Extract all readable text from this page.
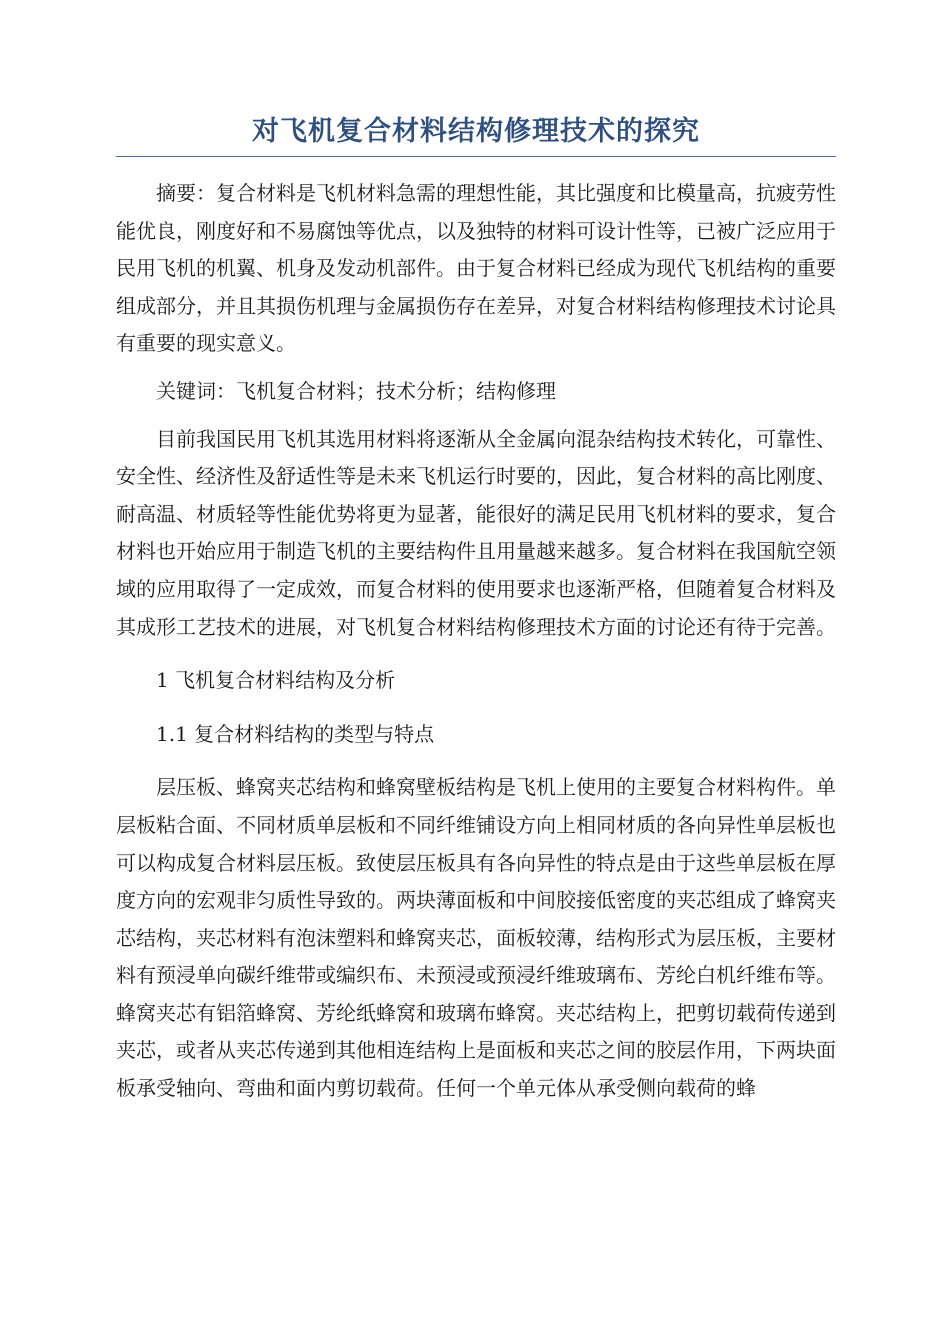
对飞机复合材料结构修理技术的探究

摘要：复合材料是飞机材料急需的理想性能，其比强度和比模量高，抗疲劳性能优良，刚度好和不易腐蚀等优点，以及独特的材料可设计性等，已被广泛应用于民用飞机的机翼、机身及发动机部件。由于复合材料已经成为现代飞机结构的重要组成部分，并且其损伤机理与金属损伤存在差异，对复合材料结构修理技术讨论具有重要的现实意义。

关键词：飞机复合材料；技术分析；结构修理

目前我国民用飞机其选用材料将逐渐从全金属向混杂结构技术转化，可靠性、安全性、经济性及舒适性等是未来飞机运行时要的，因此，复合材料的高比刚度、耐高温、材质轻等性能优势将更为显著，能很好的满足民用飞机材料的要求，复合材料也开始应用于制造飞机的主要结构件且用量越来越多。复合材料在我国航空领域的应用取得了一定成效，而复合材料的使用要求也逐渐严格，但随着复合材料及其成形工艺技术的进展，对飞机复合材料结构修理技术方面的讨论还有待于完善。

1 飞机复合材料结构及分析

1.1 复合材料结构的类型与特点

层压板、蜂窝夹芯结构和蜂窝壁板结构是飞机上使用的主要复合材料构件。单层板粘合面、不同材质单层板和不同纤维铺设方向上相同材质的各向异性单层板也可以构成复合材料层压板。致使层压板具有各向异性的特点是由于这些单层板在厚度方向的宏观非匀质性导致的。两块薄面板和中间胶接低密度的夹芯组成了蜂窝夹芯结构，夹芯材料有泡沫塑料和蜂窝夹芯，面板较薄，结构形式为层压板，主要材料有预浸单向碳纤维带或编织布、未预浸或预浸纤维玻璃布、芳纶白机纤维布等。蜂窝夹芯有铝箔蜂窝、芳纶纸蜂窝和玻璃布蜂窝。夹芯结构上，把剪切载荷传递到夹芯，或者从夹芯传递到其他相连结构上是面板和夹芯之间的胶层作用，下两块面板承受轴向、弯曲和面内剪切载荷。任何一个单元体从承受侧向载荷的蜂
